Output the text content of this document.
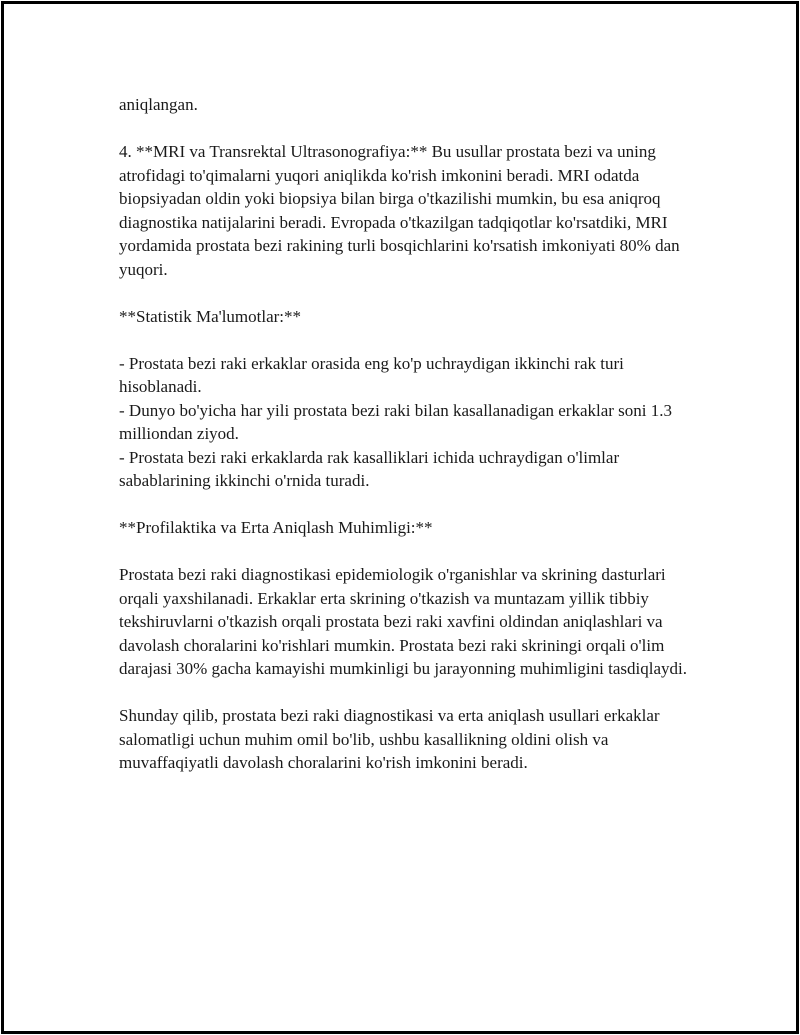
aniqlangan.

4. **MRI va Transrektal Ultrasonografiya:** Bu usullar prostata bezi va uning atrofidagi to'qimalarni yuqori aniqlikda ko'rish imkonini beradi. MRI odatda biopsiyadan oldin yoki biopsiya bilan birga o'tkazilishi mumkin, bu esa aniqroq diagnostika natijalarini beradi. Evropada o'tkazilgan tadqiqotlar ko'rsatdiki, MRI yordamida prostata bezi rakining turli bosqichlarini ko'rsatish imkoniyati 80% dan yuqori.

**Statistik Ma'lumotlar:**

- Prostata bezi raki erkaklar orasida eng ko'p uchraydigan ikkinchi rak turi hisoblanadi.

- Dunyo bo'yicha har yili prostata bezi raki bilan kasallanadigan erkaklar soni 1.3 milliondan ziyod.

- Prostata bezi raki erkaklarda rak kasalliklari ichida uchraydigan o'limlar sabablarining ikkinchi o'rnida turadi.

**Profilaktika va Erta Aniqlash Muhimligi:**

Prostata bezi raki diagnostikasi epidemiologik o'rganishlar va skrining dasturlari orqali yaxshilanadi. Erkaklar erta skrining o'tkazish va muntazam yillik tibbiy tekshiruvlarni o'tkazish orqali prostata bezi raki xavfini oldindan aniqlashlari va davolash choralarini ko'rishlari mumkin. Prostata bezi raki skriningi orqali o'lim darajasi 30% gacha kamayishi mumkinligi bu jarayonning muhimligini tasdiqlaydi.

Shunday qilib, prostata bezi raki diagnostikasi va erta aniqlash usullari erkaklar salomatligi uchun muhim omil bo'lib, ushbu kasallikning oldini olish va muvaffaqiyatli davolash choralarini ko'rish imkonini beradi.
